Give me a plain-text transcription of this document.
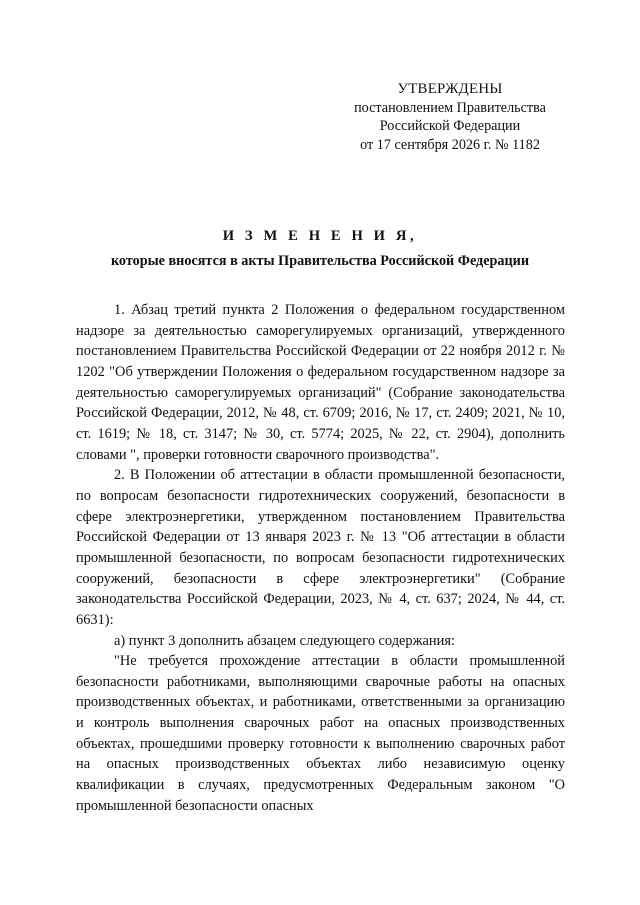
УТВЕРЖДЕНЫ
постановлением Правительства
Российской Федерации
от 17 сентября 2026 г. № 1182
И З М Е Н Е Н И Я,
которые вносятся в акты Правительства Российской Федерации

1. Абзац третий пункта 2 Положения о федеральном государственном надзоре за деятельностью саморегулируемых организаций, утвержденного постановлением Правительства Российской Федерации от 22 ноября 2012 г. № 1202 "Об утверждении Положения о федеральном государственном надзоре за деятельностью саморегулируемых организаций" (Собрание законодательства Российской Федерации, 2012, № 48, ст. 6709; 2016, № 17, ст. 2409; 2021, № 10, ст. 1619; № 18, ст. 3147; № 30, ст. 5774; 2025, № 22, ст. 2904), дополнить словами ", проверки готовности сварочного производства".

2. В Положении об аттестации в области промышленной безопасности, по вопросам безопасности гидротехнических сооружений, безопасности в сфере электроэнергетики, утвержденном постановлением Правительства Российской Федерации от 13 января 2023 г. № 13 "Об аттестации в области промышленной безопасности, по вопросам безопасности гидротехнических сооружений, безопасности в сфере электроэнергетики" (Собрание законодательства Российской Федерации, 2023, № 4, ст. 637; 2024, № 44, ст. 6631):

а) пункт 3 дополнить абзацем следующего содержания:

"Не требуется прохождение аттестации в области промышленной безопасности работниками, выполняющими сварочные работы на опасных производственных объектах, и работниками, ответственными за организацию и контроль выполнения сварочных работ на опасных производственных объектах, прошедшими проверку готовности к выполнению сварочных работ на опасных производственных объектах либо независимую оценку квалификации в случаях, предусмотренных Федеральным законом "О промышленной безопасности опасных
